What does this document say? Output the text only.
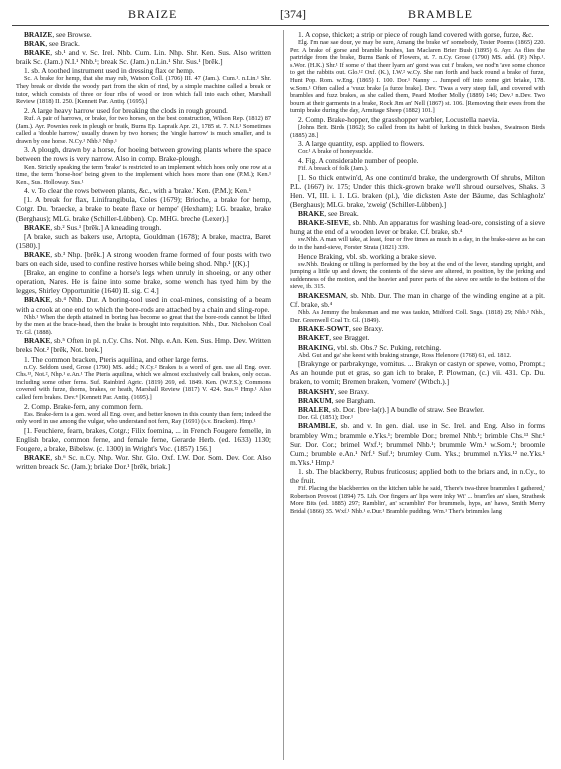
BRAIZE	[374]	BRAMBLE

BRAIZE, see Browse.

BRAK, see Brack.

BRAKE, sb.¹ and v. Sc. Irel. Nhb. Cum. Lin. Nhp. Shr. Ken. Sus. Also written braik Sc. (Jam.) N.I.¹ Nhb.¹; break Sc. (Jam.) n.Lin.¹ Shr. Sus.¹ [brēk.]

1. sb. A toothed instrument used in dressing flax or hemp.

Sc. A brake for hemp, that she may rub, Watson Coll. (1706) III. 47 (Jam.). Cum.¹. n.Lin.¹ Shr. They break or divide the woody part from the skin of rind, by a simple machine called a break or tutor, which consists of three or four ribs of wood or iron which fall into each other, Marshall Review (1818) II. 250. [Kennett Par. Antiq. (1695).]

2. A large heavy harrow used for breaking the clods in rough ground.

Ruf. A pair of harrows, or brake, for two horses, on the best construction, Wilson Rep. (1812) 87 (Jam.). Ayr. Pownies reek in pleugh or braik, Burns Ep. Lapraik Apr. 21, 1785 st. 7. N.I.¹ Sometimes called a 'double harrow,' usually drawn by two horses; the 'single harrow' is much smaller, and is drawn by one horse. N.Cy.¹ Nhb.¹ Nhp.¹

3. A plough, drawn by a horse, for hoeing between growing plants where the space between the rows is very narrow. Also in comp. Brake-plough.

Ken. Strictly speaking the term 'brake' is restricted to an implement which hoes only one row at a time, the term 'horse-hoe' being given to the implement which hoes more than one (P.M.); Ken.¹ Ken., Sus. Holloway. Sus.¹

4. v. To clear the rows between plants, &c., with a 'brake.' Ken. (P.M.); Ken.¹

[1. A break for flax, Linifrangibula, Coles (1679); Brioche, a brake for hemp, Cotgr. Du. 'braecke, a brake to beate flaxe or hempe' (Hexham); LG. braake, brake (Berghaus); MLG. brake (Schiller-Lübben). Cp. MHG. breche (Lexer).]

BRAKE, sb.² Sus.¹ [brēk.] A kneading trough.

[A brake, such as bakers use, Artopta, Gouldman (1678); A brake, mactra, Baret (1580).]

BRAKE, sb.³ Nhp. [brēk.] A strong wooden frame formed of four posts with two bars on each side, used to confine restive horses while being shod. Nhp.¹ [(K).]

[Brake, an engine to confine a horse's legs when unruly in shoeing, or any other operation, Nares. He is faine into some brake, some wench has tyed him by the legges, Shirley Opportunitie (1640) II. sig. C 4.]

BRAKE, sb.⁴ Nhb. Dur. A boring-tool used in coal-mines, consisting of a beam with a crook at one end to which the bore-rods are attached by a chain and sling-rope.

Nhb.¹ When the depth attained in boring has become so great that the bore-rods cannot be lifted by the men at the brace-head, then the brake is brought into requisition. Nhb., Dur. Nicholson Coal Tr. Gl. (1888).

BRAKE, sb.⁵ Often in pl. n.Cy. Chs. Not. Nhp. e.An. Ken. Sus. Hmp. Dev. Written breks Not.² [brēk, Not. brek.]

1. The common bracken, Pteris aquilina, and other large ferns.

n.Cy. Seldom used, Grose (1790) MS. add.; N.Cy.² Brakes is a word of gen. use all Eng. over. Chs.¹³, Not.², Nhp.¹ e.An.¹ The Pteris aquilina, which we almost exclusively call brakes, only occas. including some other ferns. Suf. Rainbird Agric. (1819) 269, ed. 1849. Ken. (W.F.S.); Commons covered with furze, thorns, brakes, or heath, Marshall Review (1817) V. 424. Sus.¹² Hmp.¹ Also called fern brakes. Dev.⁴ [Kennett Par. Antiq. (1695).]

2. Comp. Brake-fern, any common fern.

Ess. Brake-fern is a gen. word all Eng. over, and better known in this county than fern; indeed the only word in use among the vulgar, who understand not fern, Ray (1691) (s.v. Bracken). Hmp.¹

[1. Feuchiere, fearn, brakes, Cotgr.; Filix foemina, ... in French Fougere femelle, in English brake, common ferne, and female ferne, Gerarde Herb. (ed. 1633) 1130; Fougere, a brake, Bibelsw. (c. 1300) in Wright's Voc. (1857) 156.]

BRAKE, sb.⁶ Sc. n.Cy. Nhp. Wor. Shr. Glo. Oxf. I.W. Dor. Som. Dev. Cor. Also written breack Sc. (Jam.); briake Dor.¹ [brēk, briək.]

1. A copse, thicket; a strip or piece of rough land covered with gorse, furze, &c.

Elg. I'm nae sae dour, ye may be sure, Amang the brake wi' somebody, Tester Poems (1865) 220. Per. A brake of gorse and bramble bushes, Ian Maclaren Brier Bush (1895) 6. Ayr. As flies the partridge from the brake, Burns Bank of Flowers, st. 7. n.Cy. Grose (1790) MS. add. (P.) Nhp.¹. s.Wor. (H.K.) Shr.¹ If some o' that theer lyarn an' gorst was cut i' brakes, we nod'n 'ave some chonce to get the rabbits out. Glo.¹² Oxf. (K.), I.W.² w.Cy. She ran forth and back round a brake of furze, Hunt Pop. Rom. w.Eng. (1865) I. 100. Dor.¹ Nanny ... Jumped off into zome girt briake, 178. w.Som.¹ Often called a 'vuuz brake [a furze brake]. Dev. 'Twas a very steep fall, and covered with brambles and fuzz brakes, as she called them, Peard Mother Molly (1889) 146; Dev.¹ n.Dev. Two bourn at their garments in a brake, Rock Jim an' Nell (1867) st. 106. [Removing their ewes from the turnip brake during the day, Armitage Sheep (1882) 101.]

2. Comp. Brake-hopper, the grasshopper warbler, Locustella naevia.

[Johns Brit. Birds (1862); So called from its habit of lurking in thick bushes, Swainson Birds (1885) 28.]

3. A large quantity, esp. applied to flowers.

Cor.¹ A brake of honeysuckle.

4. Fig. A considerable number of people.

Fif. A breack of folk (Jam.).

[1. So thick entwin'd, As one continu'd brake, the undergrowth Of shrubs, Milton P.L. (1667) iv. 175; Under this thick-grown brake we'll shroud ourselves, Shaks. 3 Hen. VI, III. i. 1. LG. braken (pl.), 'die dicksten Aste der Bäume, das Schlagholz' (Berghaus); MLG. brake, 'zweig' (Schiller-Lübben).]

BRAKE, see Break.

BRAKE-SIEVE, sb. Nhb. An apparatus for washing lead-ore, consisting of a sieve hung at the end of a wooden lever or brake. Cf. brake, sb.⁴

sw.Nhb. A man will take, at least, four or five times as much in a day, in the brake-sieve as he can do in the hand-sieve, Forster Strata (1821) 339.

Hence Braking, vbl. sb. working a brake sieve.

sw.Nhb. Braking or tilling is performed by the boy at the end of the lever, standing upright, and jumping a little up and down; the contents of the sieve are altered, in position, by the jerking and suddenness of the motion, and the heavier and purer parts of the sieve ore settle to the bottom of the sieve, ib. 315.

BRAKESMAN, sb. Nhb. Dur. The man in charge of the winding engine at a pit. Cf. brake, sb.⁴

Nhb. As Jemmy the brakesman and me was taukin, Midford Coll. Sngs. (1818) 29; Nhb.¹ Nhb., Dur. Greenwell Coal Tr. Gl. (1849).

BRAKE-SOWT, see Braxy.

BRAKET, see Bragget.

BRAKING, vbl. sb. Obs.? Sc. Puking, retching.

Abd. Gut and ga' she keest with braking strange, Ross Helenore (1768) 61, ed. 1812.

[Brakynge or parbrakynge, vomitus. ... Brakyn or castyn or spewe, vomo, Prompt.; As an hounde put et gras, so gan ich to brake, P. Plowman, (c.) vii. 431. Cp. Du. braken, to vomit; Bremen braken, 'vomere' (Wtbch.).]

BRAKSHY, see Braxy.

BRAKUM, see Bargham.

BRALER, sb. Dor. [bre·lə(r).] A bundle of straw. See Brawler.

Dor. Gl. (1851); Dor.¹

BRAMBLE, sb. and v. In gen. dial. use in Sc. Irel. and Eng. Also in forms brambley Wm.; brammle e.Yks.¹; bremble Dor.; bremel Nhb.¹; brimble Chs.¹³ Shr.¹ Sur. Dor. Cor.; brimel Wxf.¹; brummel Nhb.¹; brummle Wm.¹ w.Som.¹; broomle Cum.; brumble e.An.¹ Nrf.¹ Suf.¹; brumley Cum. Yks.; brummel n.Yks.¹² ne.Yks.¹ m.Yks.¹ Hmp.¹

1. sb. The blackberry, Rubus fruticosus; applied both to the briars and, in n.Cy., to the fruit.

Fif. Placing the blackberries on the kitchen table he said, 'There's twa-three brammles I gathered,' Robertson Provost (1894) 75. Lth. Oor fingers an' lips were inky Wi' ... bram'les an' slaes, Strathesk More Bits (ed. 1885) 297; Ramblin', an' scramblin' For brummels, hyps, an' haws, Smith Merry Bridal (1866) 35. Wxf.¹ Nhb.¹ e.Dur.¹ Bramble pudding. Wm.¹ Ther's brimmles lang
